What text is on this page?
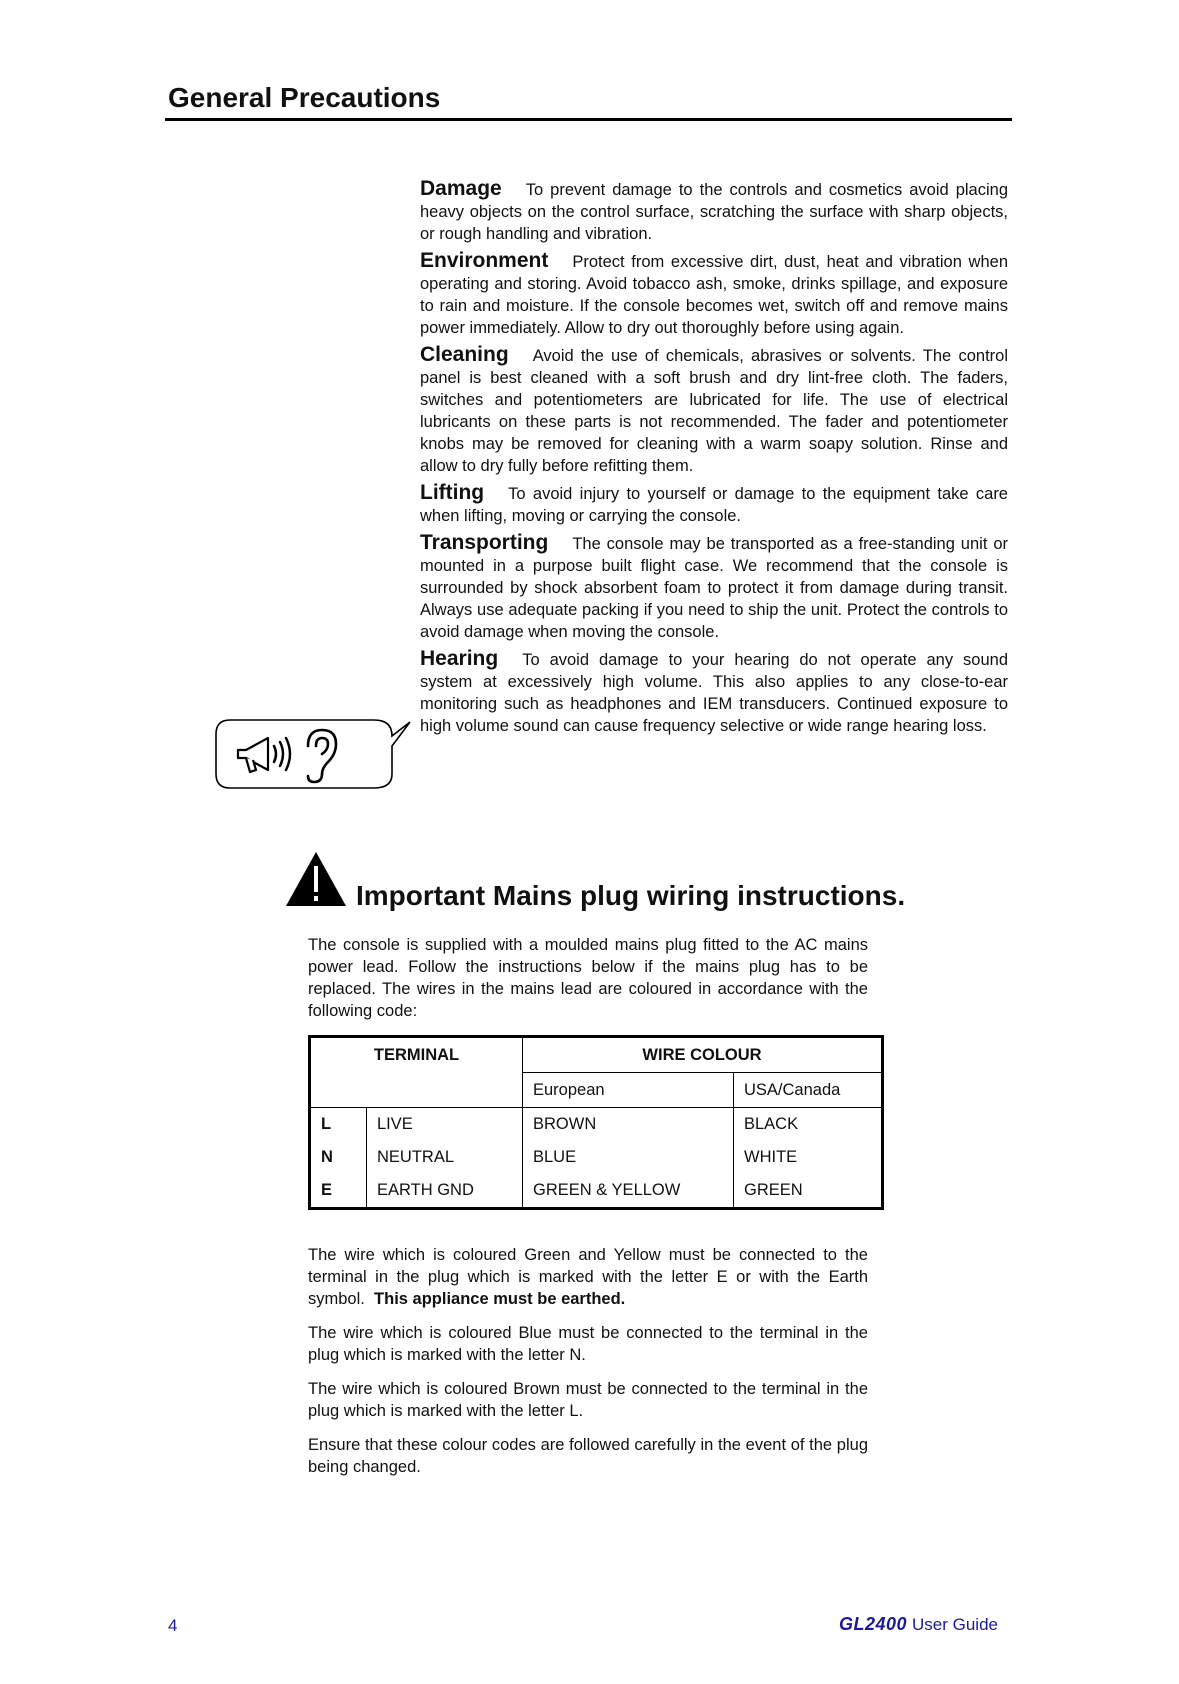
General Precautions

Damage To prevent damage to the controls and cosmetics avoid placing heavy objects on the control surface, scratching the surface with sharp objects, or rough handling and vibration.

Environment Protect from excessive dirt, dust, heat and vibration when operating and storing. Avoid tobacco ash, smoke, drinks spillage, and exposure to rain and moisture. If the console becomes wet, switch off and remove mains power immediately. Allow to dry out thoroughly before using again.

Cleaning Avoid the use of chemicals, abrasives or solvents. The control panel is best cleaned with a soft brush and dry lint-free cloth. The faders, switches and potentiometers are lubricated for life. The use of electrical lubricants on these parts is not recommended. The fader and potentiometer knobs may be removed for cleaning with a warm soapy solution. Rinse and allow to dry fully before refitting them.

Lifting To avoid injury to yourself or damage to the equipment take care when lifting, moving or carrying the console.

Transporting The console may be transported as a free-standing unit or mounted in a purpose built flight case. We recommend that the console is surrounded by shock absorbent foam to protect it from damage during transit. Always use adequate packing if you need to ship the unit. Protect the controls to avoid damage when moving the console.

Hearing To avoid damage to your hearing do not operate any sound system at excessively high volume. This also applies to any close-to-ear monitoring such as headphones and IEM transducers. Continued exposure to high volume sound can cause frequency selective or wide range hearing loss.

Important Mains plug wiring instructions.

The console is supplied with a moulded mains plug fitted to the AC mains power lead. Follow the instructions below if the mains plug has to be replaced. The wires in the mains lead are coloured in accordance with the following code:

TERMINAL		WIRE COLOUR	
		European	USA/Canada
L	LIVE	BROWN	BLACK
N	NEUTRAL	BLUE	WHITE
E	EARTH GND	GREEN & YELLOW	GREEN

The wire which is coloured Green and Yellow must be connected to the terminal in the plug which is marked with the letter E or with the Earth symbol. This appliance must be earthed.

The wire which is coloured Blue must be connected to the terminal in the plug which is marked with the letter N.

The wire which is coloured Brown must be connected to the terminal in the plug which is marked with the letter L.

Ensure that these colour codes are followed carefully in the event of the plug being changed.

4	GL2400 User Guide
